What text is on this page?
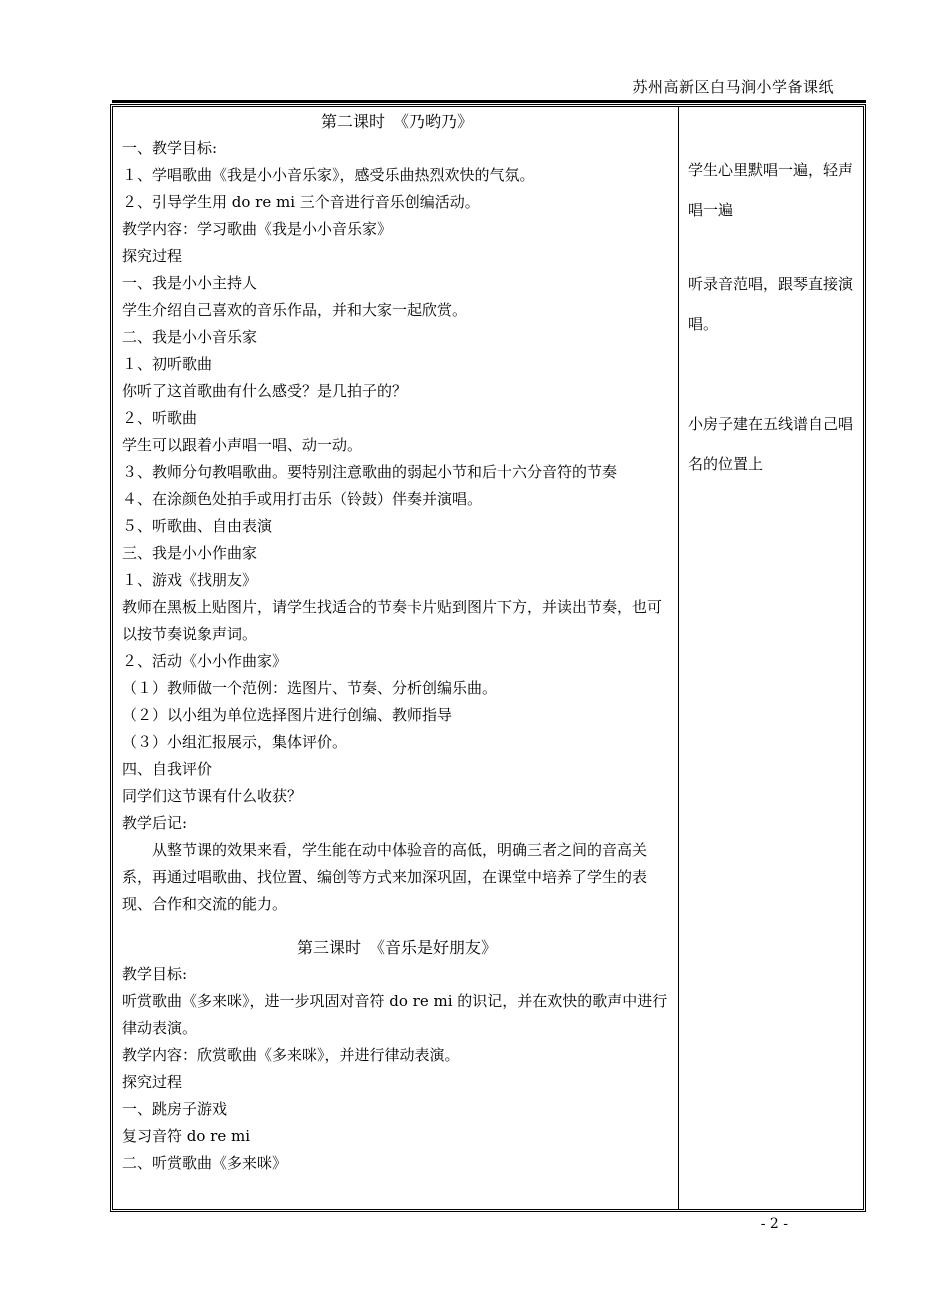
苏州高新区白马涧小学备课纸
第二课时　《乃哟乃》
一、教学目标:
１、学唱歌曲《我是小小音乐家》，感受乐曲热烈欢快的气氛。
２、引导学生用 do re mi 三个音进行音乐创编活动。
教学内容：学习歌曲《我是小小音乐家》
探究过程
一、我是小小主持人
学生介绍自己喜欢的音乐作品，并和大家一起欣赏。
二、我是小小音乐家
１、初听歌曲
你听了这首歌曲有什么感受？是几拍子的？
２、听歌曲
学生可以跟着小声唱一唱、动一动。
３、教师分句教唱歌曲。要特别注意歌曲的弱起小节和后十六分音符的节奏
４、在涂颜色处拍手或用打击乐（铃鼓）伴奏并演唱。
５、听歌曲、自由表演
三、我是小小作曲家
１、游戏《找朋友》
教师在黑板上贴图片，请学生找适合的节奏卡片贴到图片下方，并读出节奏，也可以按节奏说象声词。
２、活动《小小作曲家》
（１）教师做一个范例：选图片、节奏、分析创编乐曲。
（２）以小组为单位选择图片进行创编、教师指导
（３）小组汇报展示，集体评价。
四、自我评价
同学们这节课有什么收获？
教学后记:
从整节课的效果来看，学生能在动中体验音的高低，明确三者之间的音高关系，再通过唱歌曲、找位置、编创等方式来加深巩固，在课堂中培养了学生的表现、合作和交流的能力。
第三课时　《音乐是好朋友》
教学目标:
听赏歌曲《多来咪》，进一步巩固对音符 do re mi 的识记，并在欢快的歌声中进行律动表演。
教学内容：欣赏歌曲《多来咪》，并进行律动表演。
探究过程
一、跳房子游戏
复习音符 do re mi
二、听赏歌曲《多来咪》
学生心里默唱一遍，轻声唱一遍
听录音范唱，跟琴直接演唱。
小房子建在五线谱自己唱名的位置上
- 2 -
